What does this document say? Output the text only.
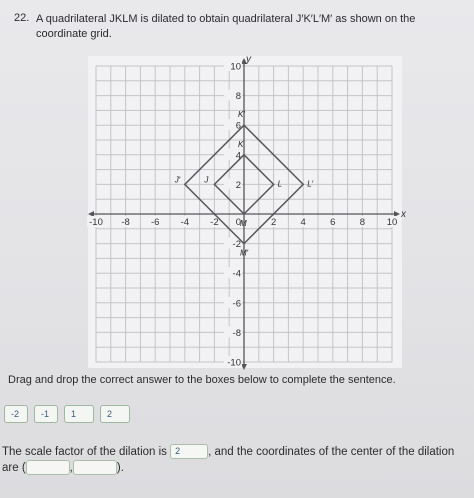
22. A quadrilateral JKLM is dilated to obtain quadrilateral J′K′L′M′ as shown on the coordinate grid.
x
y
-10 -8 -6 -4 -2	2	4	6	8 10
10
8
6
4
2
-2
-4
-6
-8
-10
0
J
K
L
M
J′
K′
L′
M′
Drag and drop the correct answer to the boxes below to complete the sentence.
-2	-1	1	2
The scale factor of the dilation is 2 , and the coordinates of the center of the dilation are (	,	).
